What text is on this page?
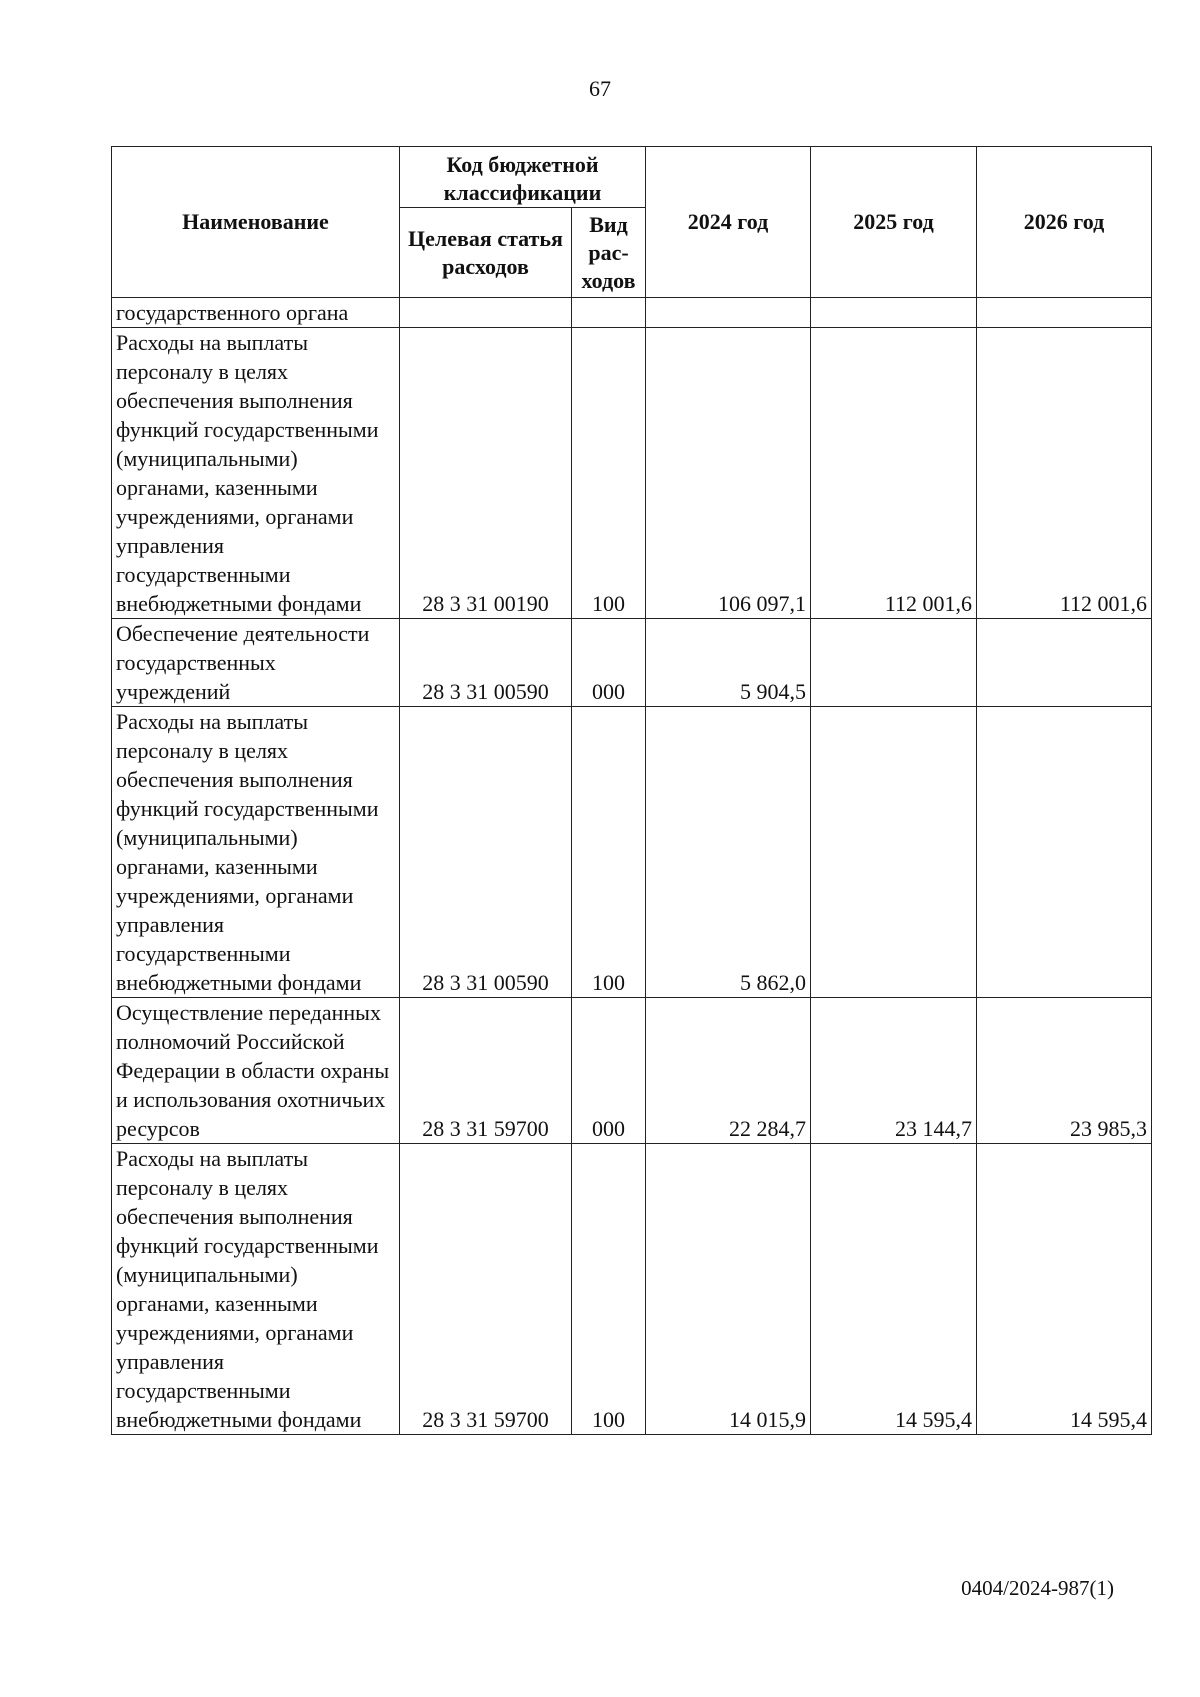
67
Наименование	Код бюджетной классификации		2024 год	2025 год	2026 год
	Целевая статья расходов	Вид рас-ходов			
государственного органа					
Расходы на выплаты персоналу в целях обеспечения выполнения функций государственными (муниципальными) органами, казенными учреждениями, органами управления государственными внебюджетными фондами	28 3 31 00190	100	106 097,1	112 001,6	112 001,6
Обеспечение деятельности государственных учреждений	28 3 31 00590	000	5 904,5		
Расходы на выплаты персоналу в целях обеспечения выполнения функций государственными (муниципальными) органами, казенными учреждениями, органами управления государственными внебюджетными фондами	28 3 31 00590	100	5 862,0		
Осуществление переданных полномочий Российской Федерации в области охраны и использования охотничьих ресурсов	28 3 31 59700	000	22 284,7	23 144,7	23 985,3
Расходы на выплаты персоналу в целях обеспечения выполнения функций государственными (муниципальными) органами, казенными учреждениями, органами управления государственными внебюджетными фондами	28 3 31 59700	100	14 015,9	14 595,4	14 595,4
0404/2024-987(1)
